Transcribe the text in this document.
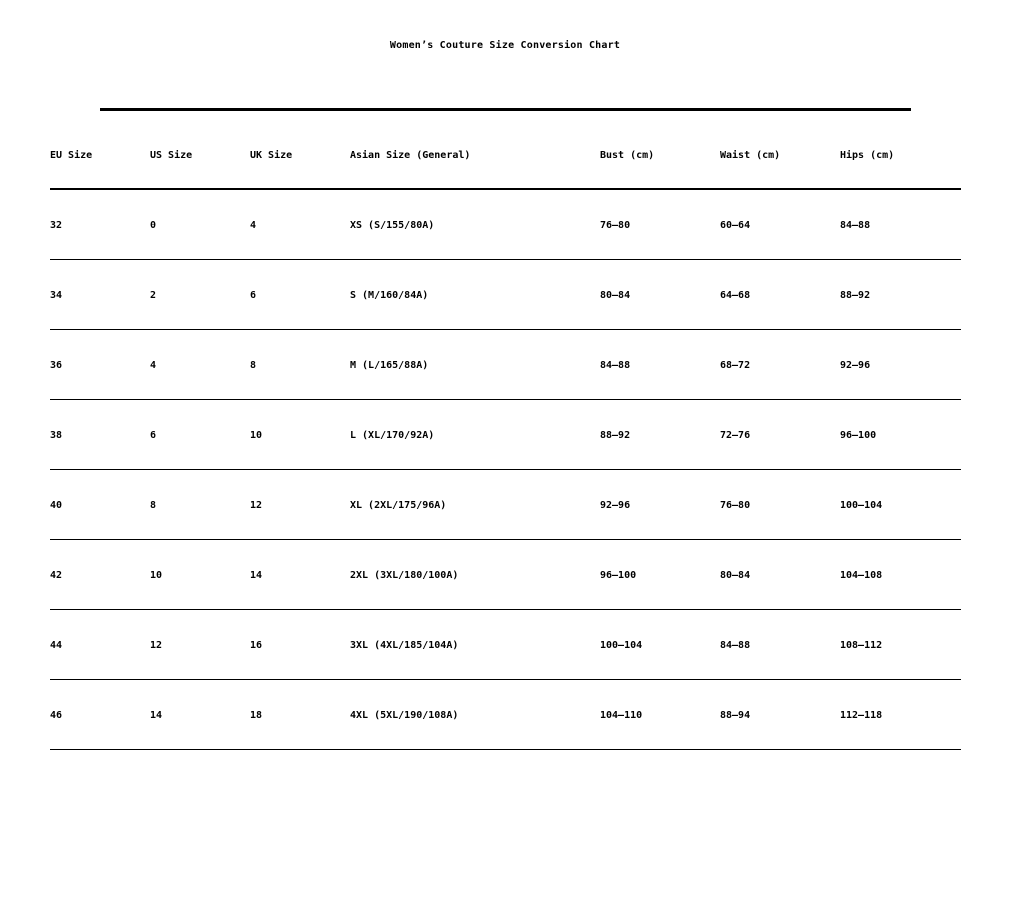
Women’s Couture Size Conversion Chart
EU Size	US Size	UK Size	Asian Size (General)	Bust (cm)	Waist (cm)	Hips (cm)
32	0	4	XS (S/155/80A)	76–80	60–64	84–88
34	2	6	S (M/160/84A)	80–84	64–68	88–92
36	4	8	M (L/165/88A)	84–88	68–72	92–96
38	6	10	L (XL/170/92A)	88–92	72–76	96–100
40	8	12	XL (2XL/175/96A)	92–96	76–80	100–104
42	10	14	2XL (3XL/180/100A)	96–100	80–84	104–108
44	12	16	3XL (4XL/185/104A)	100–104	84–88	108–112
46	14	18	4XL (5XL/190/108A)	104–110	88–94	112–118
